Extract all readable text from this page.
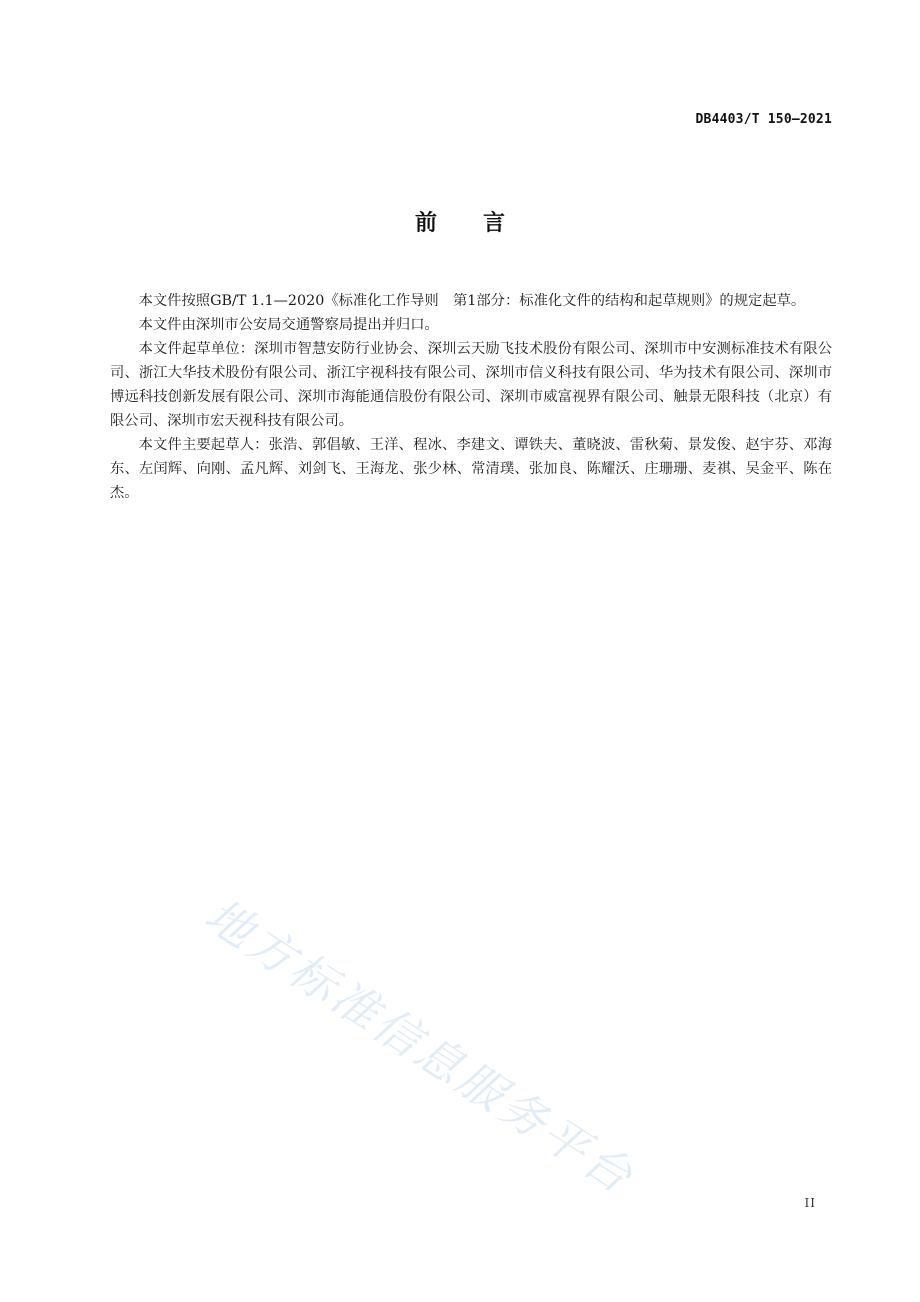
DB4403/T 150—2021
前言

本文件按照GB/T 1.1—2020《标准化工作导则　第1部分：标准化文件的结构和起草规则》的规定起草。

本文件由深圳市公安局交通警察局提出并归口。

本文件起草单位：深圳市智慧安防行业协会、深圳云天励飞技术股份有限公司、深圳市中安测标准技术有限公司、浙江大华技术股份有限公司、浙江宇视科技有限公司、深圳市信义科技有限公司、华为技术有限公司、深圳市博远科技创新发展有限公司、深圳市海能通信股份有限公司、深圳市威富视界有限公司、触景无限科技（北京）有限公司、深圳市宏天视科技有限公司。

本文件主要起草人：张浩、郭倡敏、王洋、程冰、李建文、谭铁夫、董晓波、雷秋菊、景发俊、赵宇芬、邓海东、左闰辉、向刚、孟凡辉、刘剑飞、王海龙、张少林、常清璞、张加良、陈耀沃、庄珊珊、麦祺、吴金平、陈在杰。

地方标准信息服务平台	II
